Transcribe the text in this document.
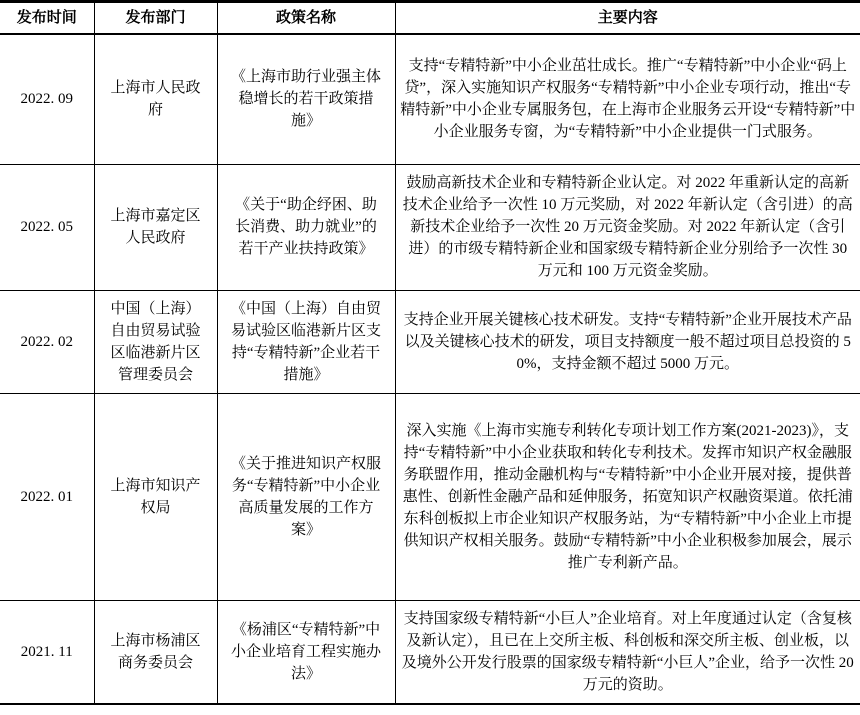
发布时间	发布部门	政策名称	主要内容
2022. 09	上海市人民政府	《上海市助行业强主体稳增长的若干政策措施》	支持“专精特新”中小企业茁壮成长。推广“专精特新”中小企业“码上贷”，深入实施知识产权服务“专精特新”中小企业专项行动，推出“专精特新”中小企业专属服务包，在上海市企业服务云开设“专精特新”中小企业服务专窗，为“专精特新”中小企业提供一门式服务。
2022. 05	上海市嘉定区人民政府	《关于“助企纾困、助长消费、助力就业”的若干产业扶持政策》	鼓励高新技术企业和专精特新企业认定。对 2022 年重新认定的高新技术企业给予一次性 10 万元奖励，对 2022 年新认定（含引进）的高新技术企业给予一次性 20 万元资金奖励。对 2022 年新认定（含引进）的市级专精特新企业和国家级专精特新企业分别给予一次性 30 万元和 100 万元资金奖励。
2022. 02	中国（上海）自由贸易试验区临港新片区管理委员会	《中国（上海）自由贸易试验区临港新片区支持“专精特新”企业若干措施》	支持企业开展关键核心技术研发。支持“专精特新”企业开展技术产品以及关键核心技术的研发，项目支持额度一般不超过项目总投资的 50%，支持金额不超过 5000 万元。
2022. 01	上海市知识产权局	《关于推进知识产权服务“专精特新”中小企业高质量发展的工作方案》	深入实施《上海市实施专利转化专项计划工作方案(2021-2023)》，支持“专精特新”中小企业获取和转化专利技术。发挥市知识产权金融服务联盟作用，推动金融机构与“专精特新”中小企业开展对接，提供普惠性、创新性金融产品和延伸服务，拓宽知识产权融资渠道。依托浦东科创板拟上市企业知识产权服务站，为“专精特新”中小企业上市提供知识产权相关服务。鼓励“专精特新”中小企业积极参加展会，展示推广专利新产品。
2021. 11	上海市杨浦区商务委员会	《杨浦区“专精特新”中小企业培育工程实施办法》	支持国家级专精特新“小巨人”企业培育。对上年度通过认定（含复核及新认定），且已在上交所主板、科创板和深交所主板、创业板，以及境外公开发行股票的国家级专精特新“小巨人”企业，给予一次性 20 万元的资助。
